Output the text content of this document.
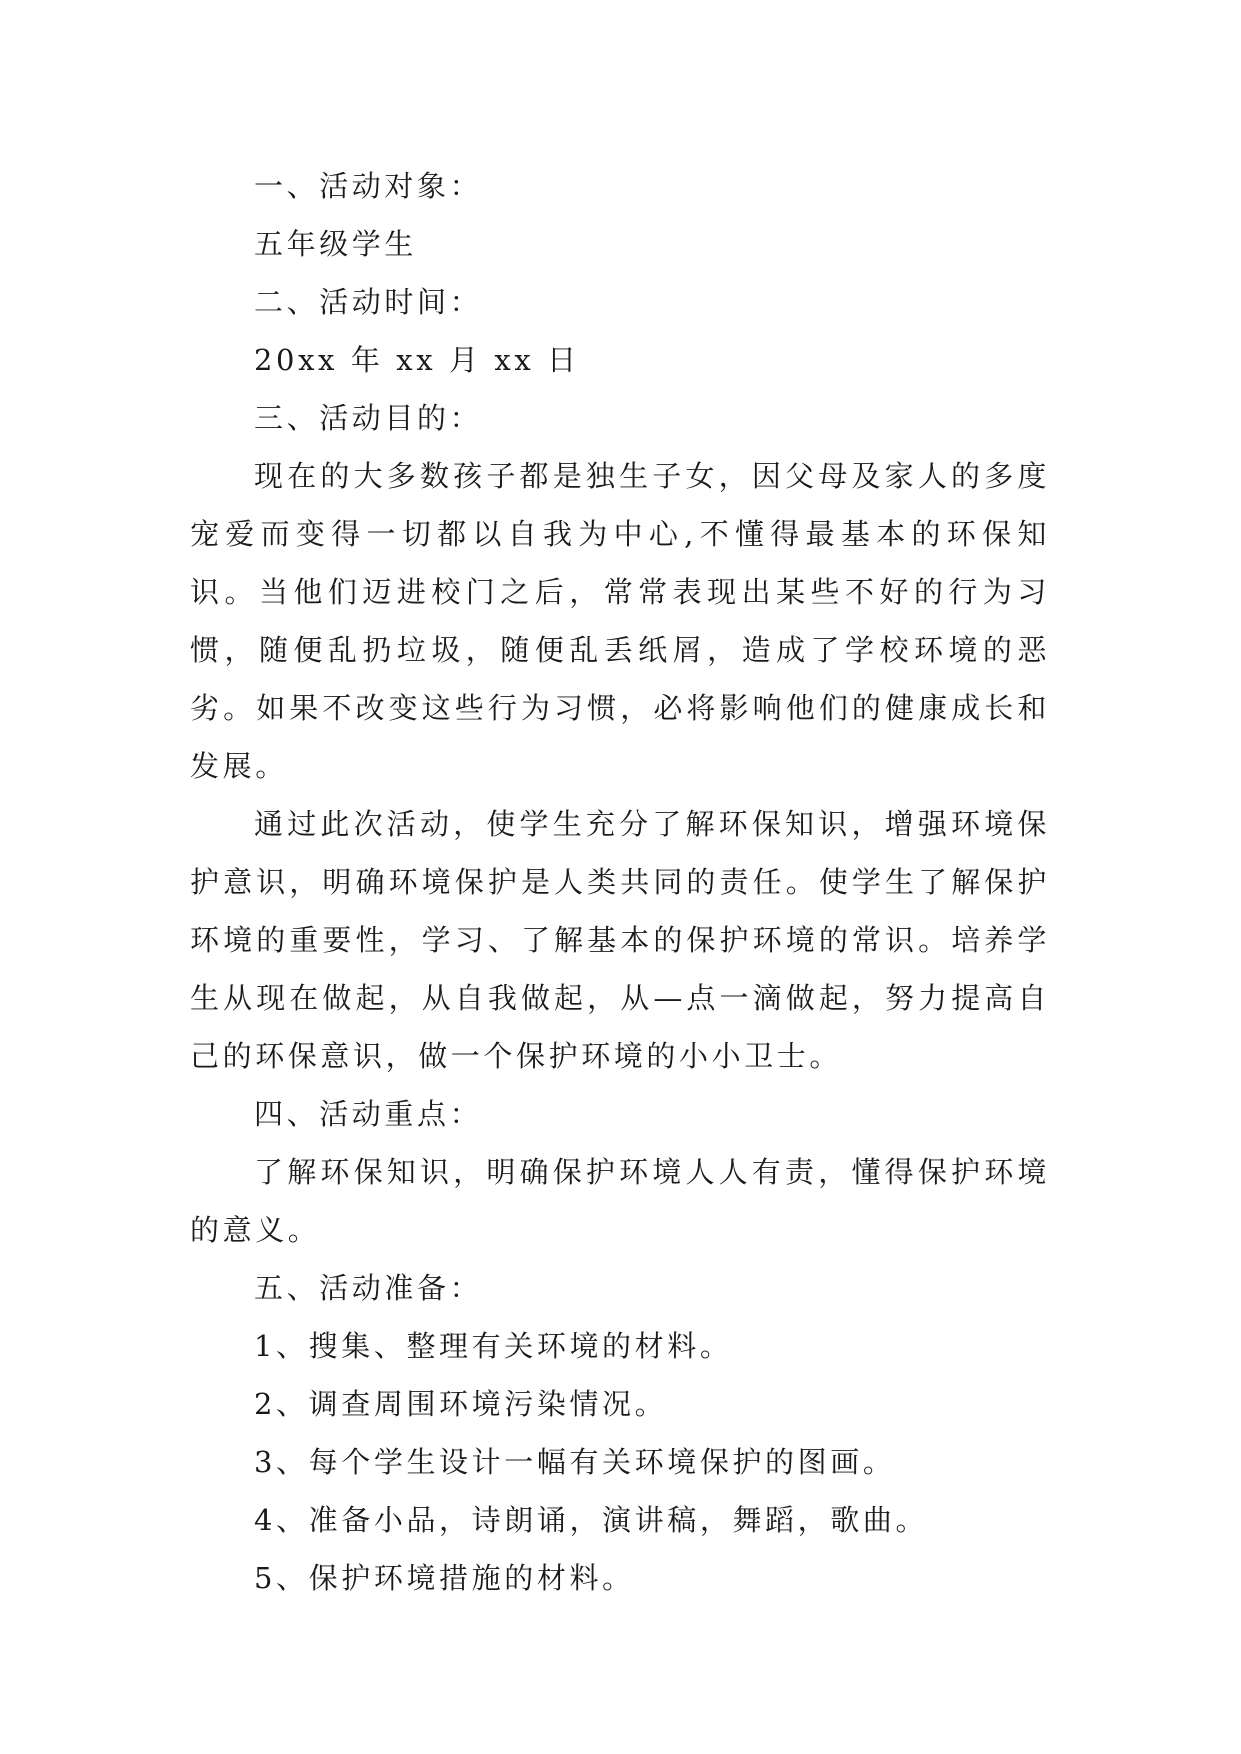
一、活动对象：

五年级学生

二、活动时间：

20xx 年 xx 月 xx 日

三、活动目的：

现在的大多数孩子都是独生子女，因父母及家人的多度宠爱而变得一切都以自我为中心,不懂得最基本的环保知识。当他们迈进校门之后，常常表现出某些不好的行为习惯，随便乱扔垃圾，随便乱丢纸屑，造成了学校环境的恶劣。如果不改变这些行为习惯，必将影响他们的健康成长和发展。

通过此次活动，使学生充分了解环保知识，增强环境保护意识，明确环境保护是人类共同的责任。使学生了解保护环境的重要性，学习、了解基本的保护环境的常识。培养学生从现在做起，从自我做起，从—点一滴做起，努力提高自己的环保意识，做一个保护环境的小小卫士。

四、活动重点：

了解环保知识，明确保护环境人人有责，懂得保护环境的意义。

五、活动准备：

1、搜集、整理有关环境的材料。

2、调查周围环境污染情况。

3、每个学生设计一幅有关环境保护的图画。

4、准备小品，诗朗诵，演讲稿，舞蹈，歌曲。

5、保护环境措施的材料。
